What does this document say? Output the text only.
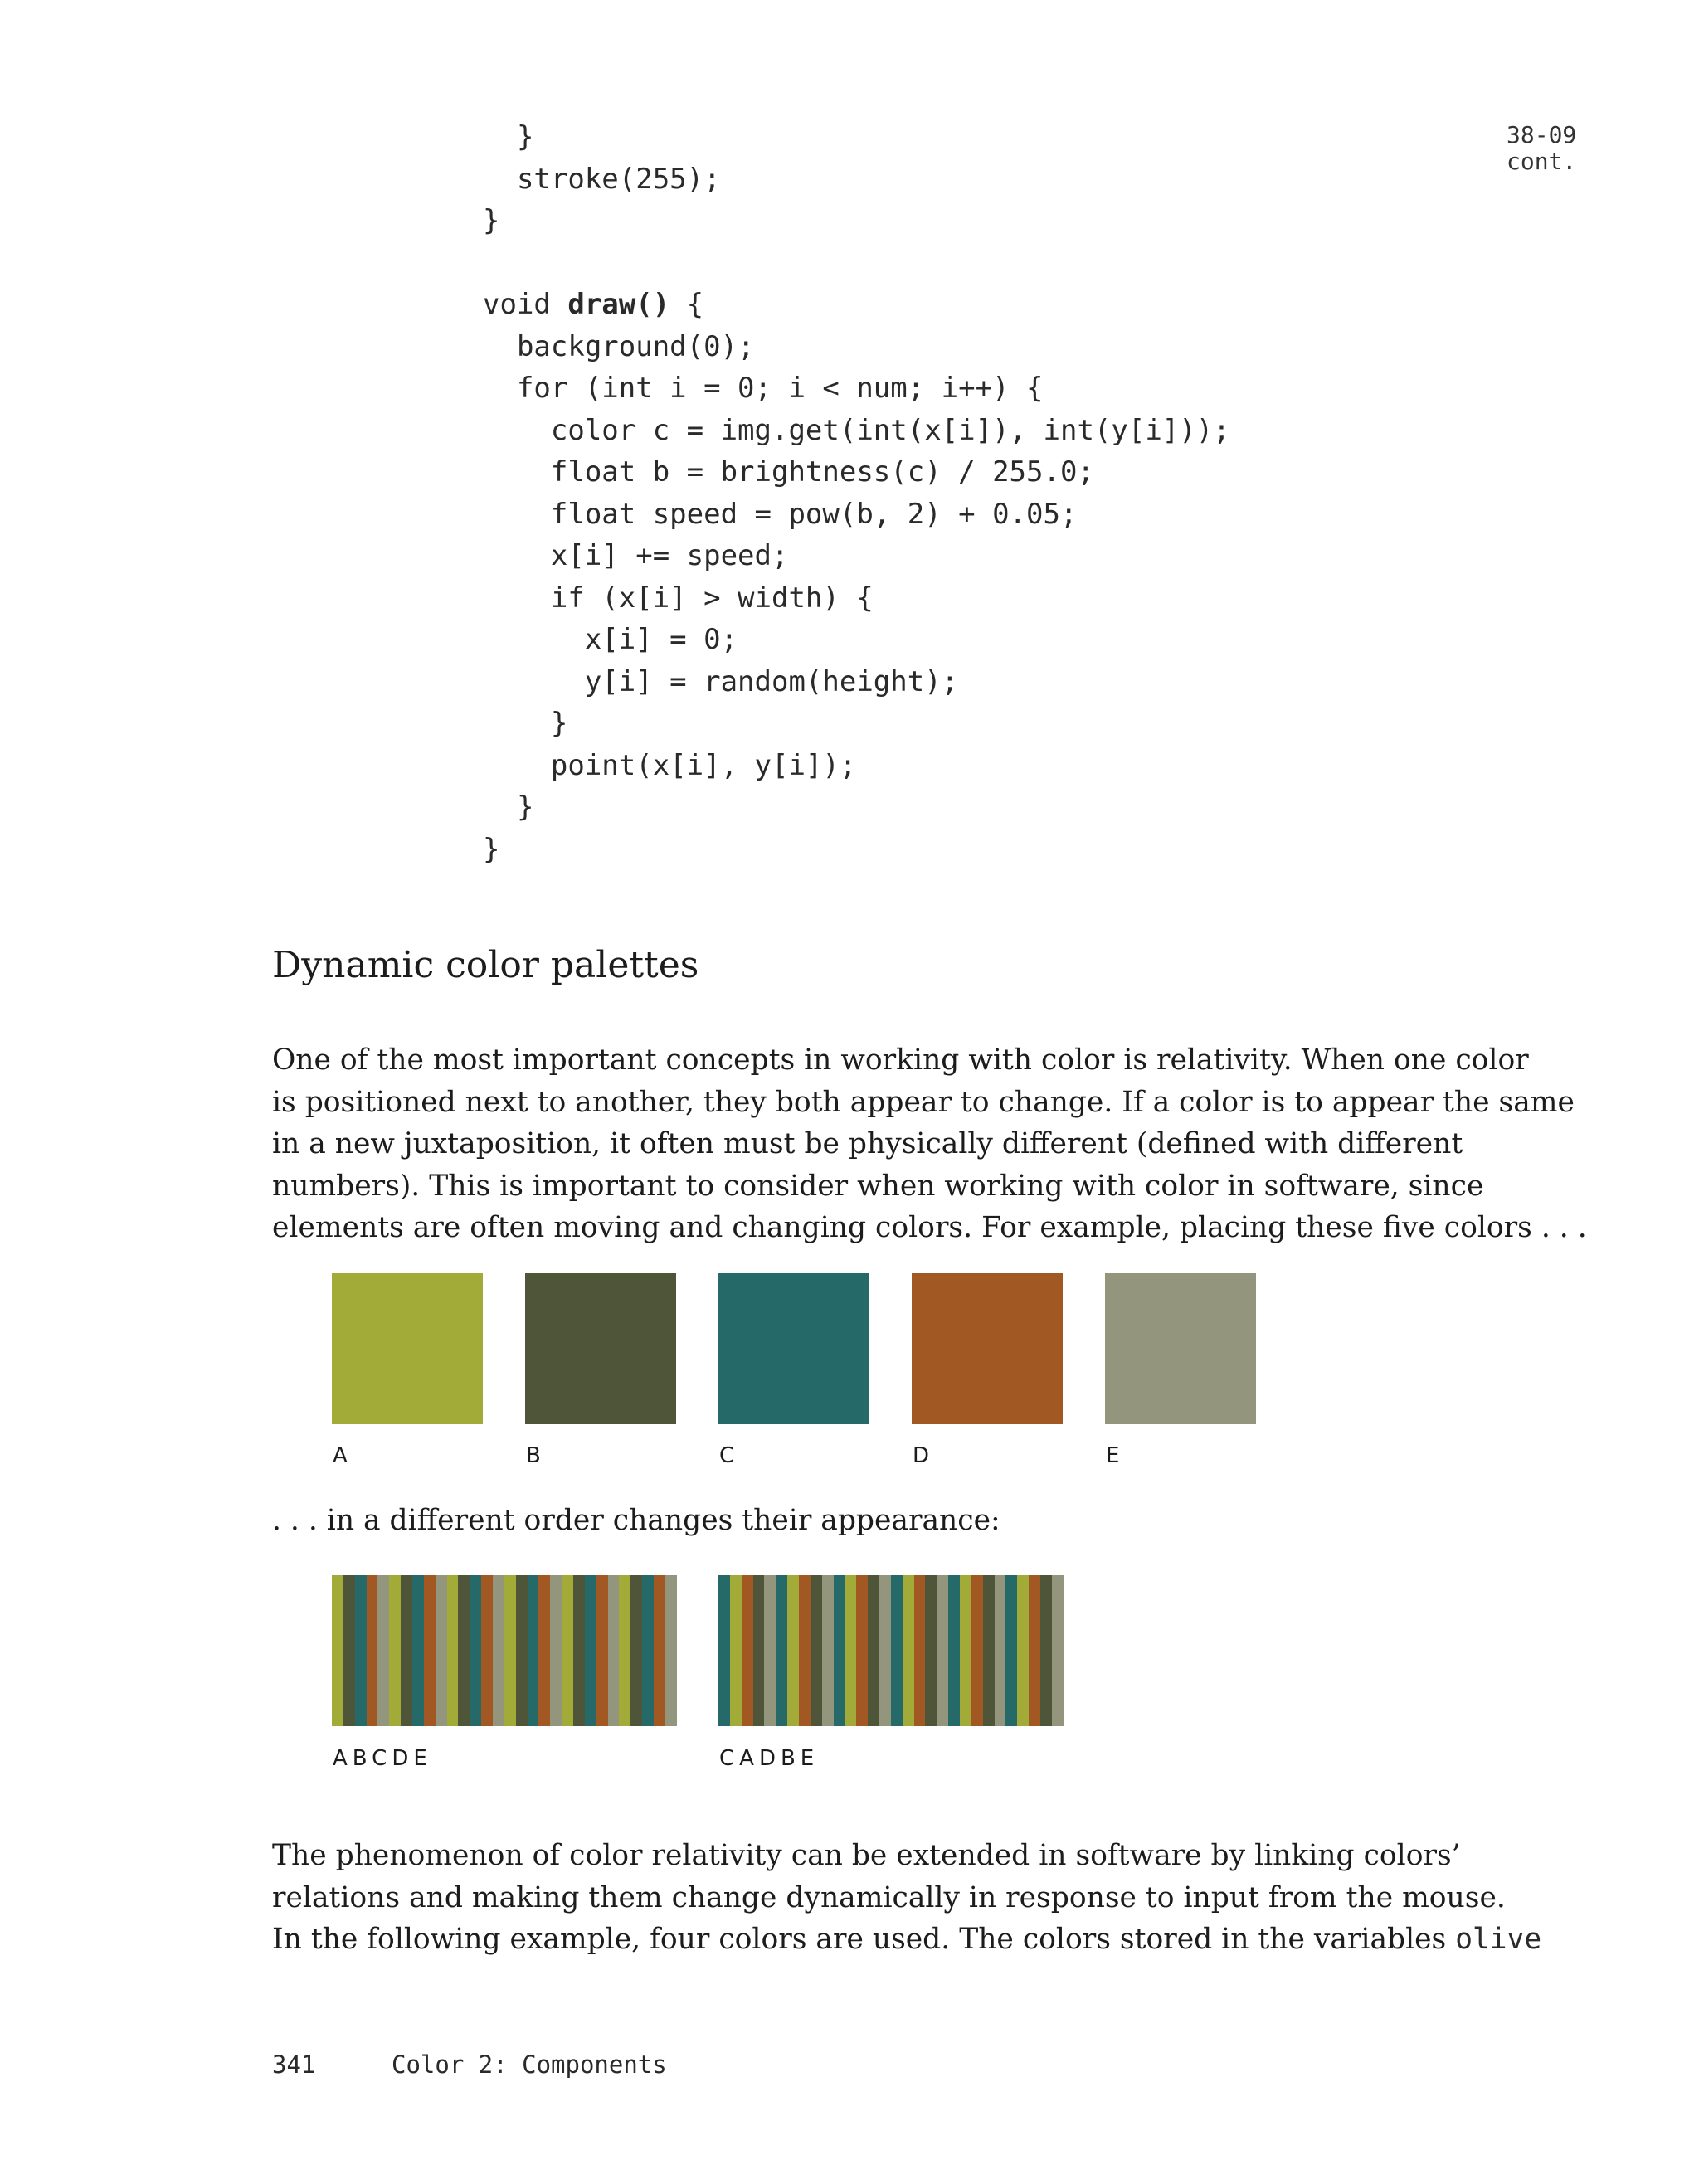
}
stroke(255);
}

void draw() {
background(0);
for (int i = 0; i < num; i++) {
color c = img.get(int(x[i]), int(y[i]));
float b = brightness(c) / 255.0;
float speed = pow(b, 2) + 0.05;
x[i] += speed;
if (x[i] > width) {
x[i] = 0;
y[i] = random(height);
}
point(x[i], y[i]);
}
}
38-09
cont.
Dynamic color palettes
One of the most important concepts in working with color is relativity. When one color
is positioned next to another, they both appear to change. If a color is to appear the same
in a new juxtaposition, it often must be physically different (defined with different
numbers). This is important to consider when working with color in software, since
elements are often moving and changing colors. For example, placing these five colors . . .
A	B	C	D	E
. . . in a different order changes their appearance:
ABCDE	CADBE
The phenomenon of color relativity can be extended in software by linking colors’
relations and making them change dynamically in response to input from the mouse.
In the following example, four colors are used. The colors stored in the variables olive
341	Color 2: Components
